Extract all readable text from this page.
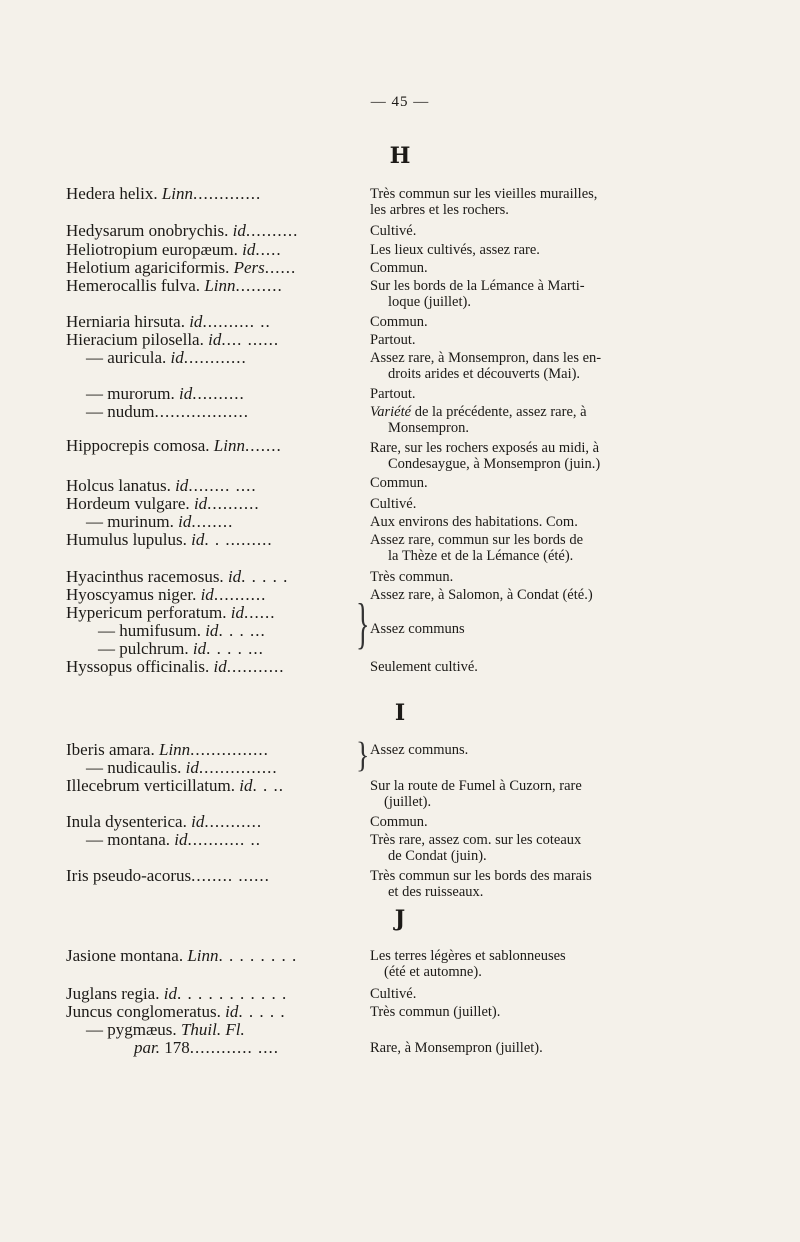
— 45 —
H
Hedera helix. Linn.............	Très commun sur les vieilles murailles,
les arbres et les rochers.
Hedysarum onobrychis. id..........	Cultivé.
Heliotropium europæum. id.....	Les lieux cultivés, assez rare.
Helotium agariciformis. Pers......	Commun.
Hemerocallis fulva. Linn.........	Sur les bords de la Lémance à Marti-
loque (juillet).
Herniaria hirsuta. id.......... ..	Commun.
Hieracium pilosella. id.... ......	Partout.
— auricula. id............	Assez rare, à Monsempron, dans les en-
droits arides et découverts (Mai).
— murorum. id..........	Partout.
— nudum..................	Variété de la précédente, assez rare, à
Monsempron.
Hippocrepis comosa. Linn.......	Rare, sur les rochers exposés au midi, à
Condesaygue, à Monsempron (juin.)
Holcus lanatus. id........ ....	Commun.
Hordeum vulgare. id..........	Cultivé.
— murinum. id........	Aux environs des habitations. Com.
Humulus lupulus. id. . .........	Assez rare, commun sur les bords de
la Thèze et de la Lémance (été).
Hyacinthus racemosus. id. . . . .	Très commun.
Hyoscyamus niger. id..........	Assez rare, à Salomon, à Condat (été.)
Hypericum perforatum. id......
— humifusum. id. . . ...
— pulchrum. id. . . . ...	} Assez communs
Hyssopus officinalis. id...........	Seulement cultivé.
I
Iberis amara. Linn...............
— nudicaulis. id...............	} Assez communs.
Illecebrum verticillatum. id. . ..	Sur la route de Fumel à Cuzorn, rare
(juillet).
Inula dysenterica. id...........	Commun.
— montana. id........... ..	Très rare, assez com. sur les coteaux
de Condat (juin).
Iris pseudo-acorus........ ......	Très commun sur les bords des marais
et des ruisseaux.
J
Jasione montana. Linn. . . . . . . .	Les terres légères et sablonneuses
(été et automne).
Juglans regia. id. . . . . . . . . . .	Cultivé.
Juncus conglomeratus. id. . . . .	Très commun (juillet).
— pygmæus. Thuil. Fl.
par. 178............ ....	Rare, à Monsempron (juillet).
